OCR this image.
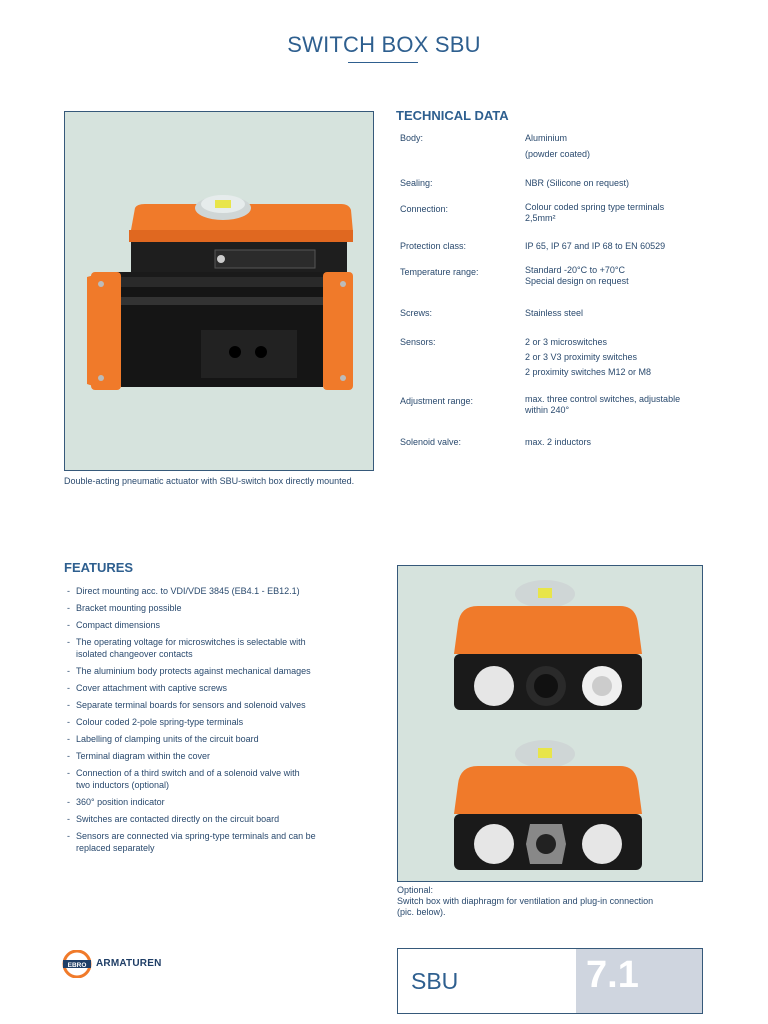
SWITCH BOX SBU
Double-acting pneumatic actuator with SBU-switch box directly mounted.
TECHNICAL DATA
Body:	Aluminium
(powder coated)
Sealing:	NBR (Silicone on request)
Connection:	Colour coded spring type terminals
2,5mm²
Protection class:	IP 65, IP 67 and IP 68 to EN 60529
Temperature range:	Standard -20°C to +70°C
Special design on request
Screws:	Stainless steel
Sensors:	2 or 3 microswitches
2 or 3 V3 proximity switches
2 proximity switches M12 or M8
Adjustment range:	max. three control switches, adjustable
within 240°
Solenoid valve:	max. 2 inductors
FEATURES
- Direct mounting acc. to VDI/VDE 3845 (EB4.1 - EB12.1)
- Bracket mounting possible
- Compact dimensions
- The operating voltage for microswitches is selectable with
isolated changeover contacts
- The aluminium body protects against mechanical damages
- Cover attachment with captive screws
- Separate terminal boards for sensors and solenoid valves
- Colour coded 2-pole spring-type terminals
- Labelling of clamping units of the circuit board
- Terminal diagram within the cover
- Connection of a third switch and of a solenoid valve with
two inductors (optional)
- 360° position indicator
- Switches are contacted directly on the circuit board
- Sensors are connected via spring-type terminals and can be
replaced separately
Optional:
Switch box with diaphragm for ventilation and plug-in connection
(pic. below).
EBRO ARMATUREN
SBU	7.1
